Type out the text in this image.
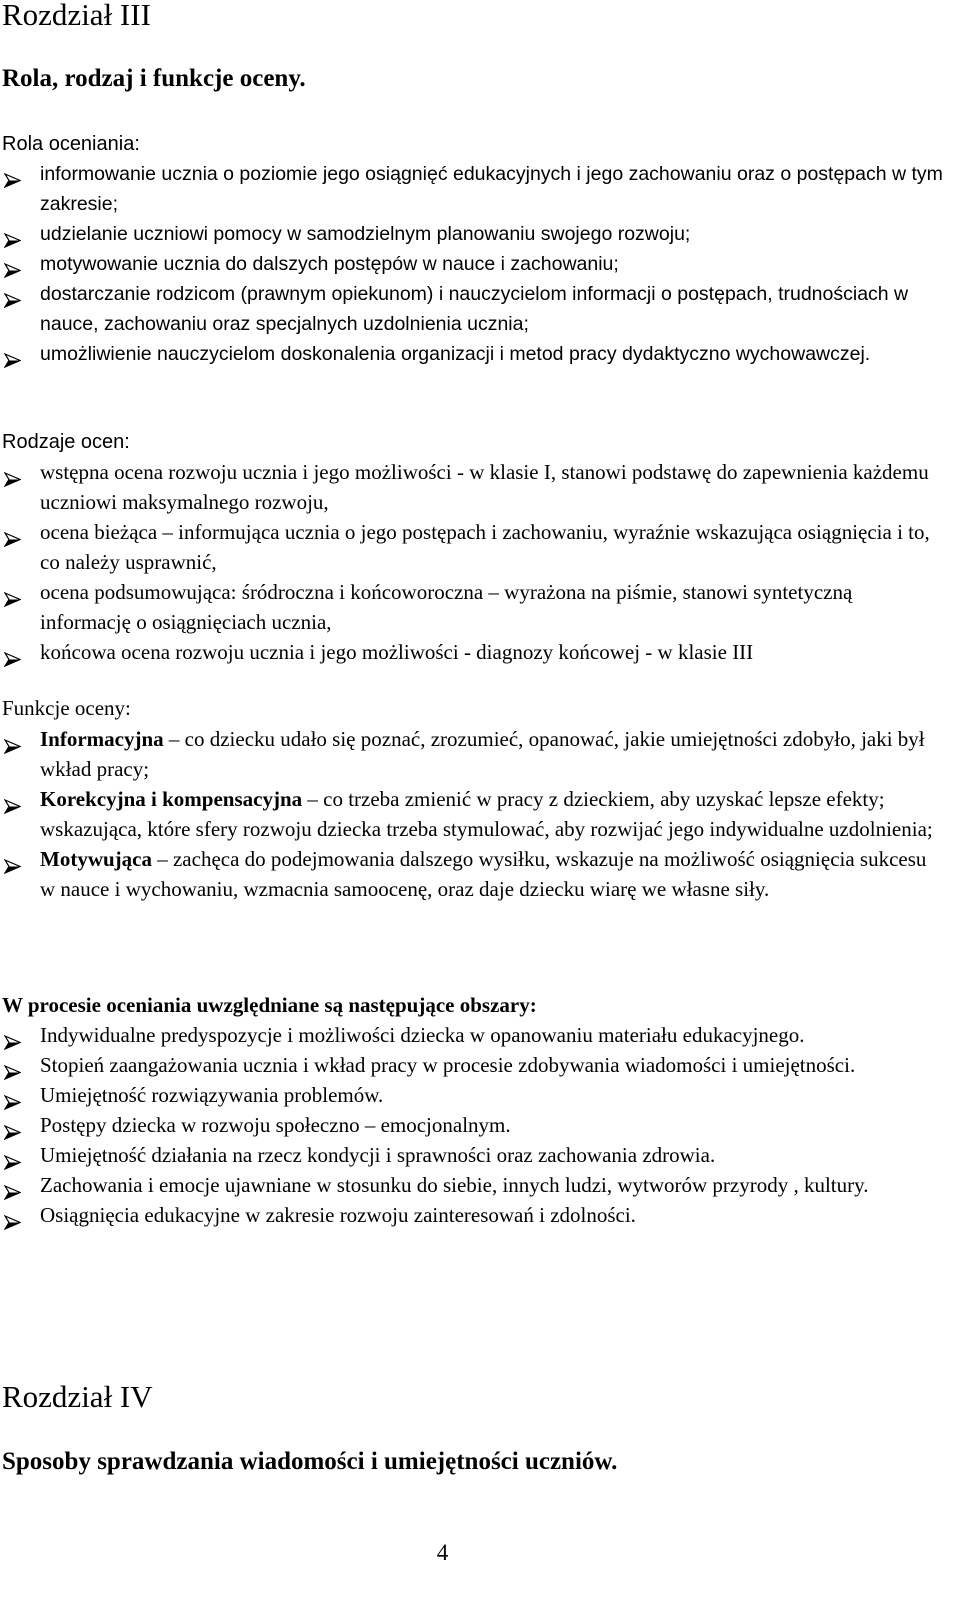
Rozdział III
Rola, rodzaj i funkcje oceny.
Rola oceniania:
informowanie ucznia o poziomie jego osiągnięć edukacyjnych i jego zachowaniu oraz o postępach w tym zakresie;
udzielanie uczniowi pomocy w samodzielnym planowaniu swojego rozwoju;
motywowanie ucznia do dalszych postępów w nauce i zachowaniu;
dostarczanie rodzicom (prawnym opiekunom) i nauczycielom informacji o postępach, trudnościach w nauce, zachowaniu oraz specjalnych uzdolnienia ucznia;
umożliwienie nauczycielom doskonalenia organizacji i metod pracy dydaktyczno wychowawczej.
Rodzaje ocen:
wstępna ocena rozwoju ucznia i jego możliwości - w klasie I, stanowi podstawę do zapewnienia każdemu uczniowi maksymalnego rozwoju,
ocena bieżąca – informująca ucznia o jego postępach i zachowaniu, wyraźnie wskazująca osiągnięcia i to, co należy usprawnić,
ocena podsumowująca: śródroczna i końcoworoczna – wyrażona na piśmie, stanowi syntetyczną informację o osiągnięciach ucznia,
końcowa ocena rozwoju ucznia i jego możliwości - diagnozy końcowej - w klasie III
Funkcje oceny:
Informacyjna – co dziecku udało się poznać, zrozumieć, opanować, jakie umiejętności zdobyło, jaki był wkład pracy;
Korekcyjna i kompensacyjna – co trzeba zmienić w pracy z dzieckiem, aby uzyskać lepsze efekty; wskazująca, które sfery rozwoju dziecka trzeba stymulować, aby rozwijać jego indywidualne uzdolnienia;
Motywująca – zachęca do podejmowania dalszego wysiłku, wskazuje na możliwość osiągnięcia sukcesu w nauce i wychowaniu, wzmacnia samoocenę, oraz daje dziecku wiarę we własne siły.
W procesie oceniania uwzględniane są następujące obszary:
Indywidualne predyspozycje i możliwości dziecka w opanowaniu materiału edukacyjnego.
Stopień zaangażowania ucznia i wkład pracy w procesie zdobywania wiadomości i umiejętności.
Umiejętność rozwiązywania problemów.
Postępy dziecka w rozwoju społeczno – emocjonalnym.
Umiejętność działania na rzecz kondycji i sprawności oraz zachowania zdrowia.
Zachowania i emocje ujawniane w stosunku do siebie, innych ludzi, wytworów przyrody , kultury.
Osiągnięcia edukacyjne w zakresie rozwoju zainteresowań i zdolności.
Rozdział IV
Sposoby sprawdzania wiadomości i umiejętności uczniów.
4
